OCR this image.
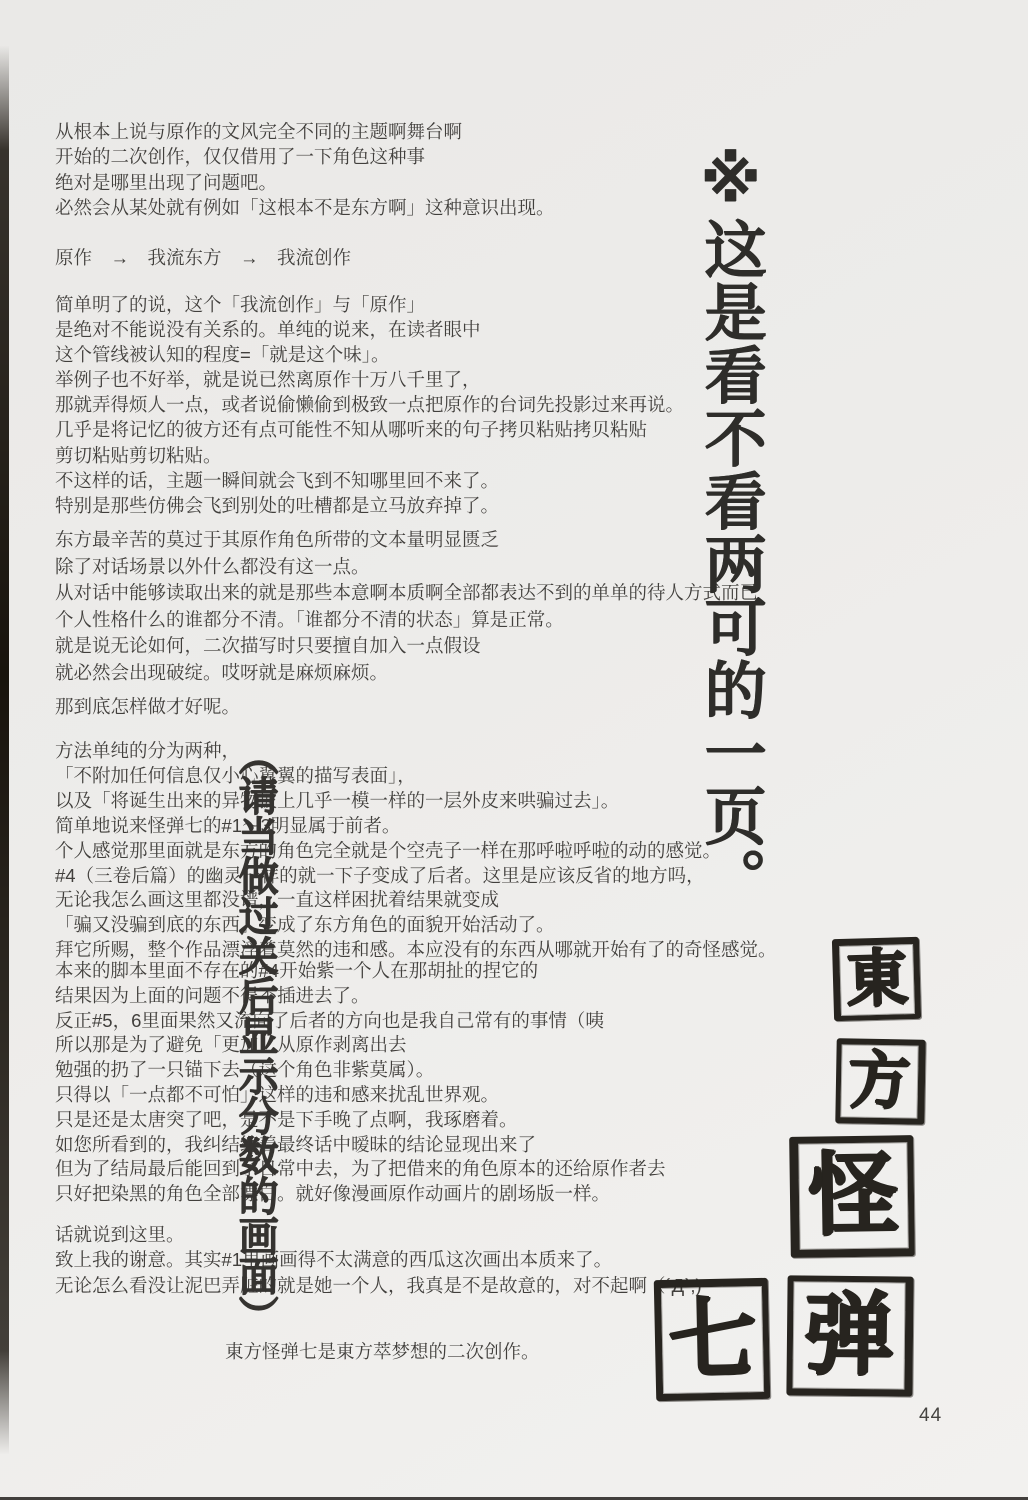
从根本上说与原作的文风完全不同的主题啊舞台啊
开始的二次创作，仅仅借用了一下角色这种事
绝对是哪里出现了问题吧。
必然会从某处就有例如「这根本不是东方啊」这种意识出现。
原作　→　我流东方　→　我流创作
简单明了的说，这个「我流创作」与「原作」
是绝对不能说没有关系的。单纯的说来，在读者眼中
这个管线被认知的程度=「就是这个味」。
举例子也不好举，就是说已然离原作十万八千里了，
那就弄得烦人一点，或者说偷懒偷到极致一点把原作的台词先投影过来再说。
几乎是将记忆的彼方还有点可能性不知从哪听来的句子拷贝粘贴拷贝粘贴
剪切粘贴剪切粘贴。
不这样的话，主题一瞬间就会飞到不知哪里回不来了。
特别是那些仿佛会飞到别处的吐槽都是立马放弃掉了。
东方最辛苦的莫过于其原作角色所带的文本量明显匮乏
除了对话场景以外什么都没有这一点。
从对话中能够读取出来的就是那些本意啊本质啊全部都表达不到的单单的待人方式而已
个人性格什么的谁都分不清。「谁都分不清的状态」算是正常。
就是说无论如何，二次描写时只要擅自加入一点假设
就必然会出现破绽。哎呀就是麻烦麻烦。
那到底怎样做才好呢。
方法单纯的分为两种，
「不附加任何信息仅小心翼翼的描写表面」，
以及「将诞生出来的异物披上几乎一模一样的一层外皮来哄骗过去」。
简单地说来怪弹七的#1～3明显属于前者。
个人感觉那里面就是东方的角色完全就是个空壳子一样在那呼啦呼啦的动的感觉。
#4（三卷后篇）的幽灵一样的就一下子变成了后者。这里是应该反省的地方吗，
无论我怎么画这里都没谱，一直这样困扰着结果就变成
「骗又没骗到底的东西」变成了东方角色的面貌开始活动了。
拜它所赐，整个作品漂浮着莫然的违和感。本应没有的东西从哪就开始有了的奇怪感觉。
本来的脚本里面不存在的#4开始紫一个人在那胡扯的捏它的
结果因为上面的问题不得不插进去了。
反正#5，6里面果然又流向了后者的方向也是我自己常有的事情（咦
所以那是为了避免「更加」从原作剥离出去
勉强的扔了一只锚下去（这个角色非紫莫属）。
只得以「一点都不可怕」这样的违和感来扰乱世界观。
只是还是太唐突了吧，是不是下手晚了点啊，我琢磨着。
如您所看到的，我纠结缠着最终话中暧昧的结论显现出来了
但为了结局最后能回到了日常中去，为了把借来的角色原本的还给原作者去
只好把染黑的角色全部漂白。就好像漫画原作动画片的剧场版一样。
话就说到这里。
致上我的谢意。其实#1里画画得不太满意的西瓜这次画出本质来了。
无论怎么看没让泥巴弄脏的就是她一个人，我真是不是故意的，对不起啊（´Д`;)
（请当做过关后显示分数的画面）
※这是看不看两可的一页。
東
方
怪
弹
七
東方怪弹七是東方萃梦想的二次创作。
44
